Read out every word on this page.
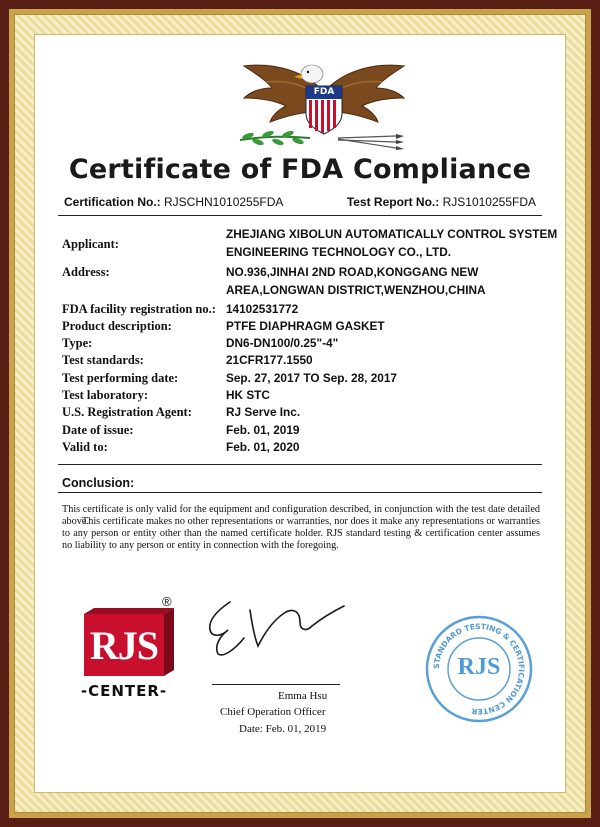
FDA
Certificate of FDA Compliance
Certification No.: RJSCHN1010255FDA	Test Report No.: RJS1010255FDA
Applicant:
ZHEJIANG XIBOLUN AUTOMATICALLY CONTROL SYSTEM
ENGINEERING TECHNOLOGY CO., LTD.
Address:	NO.936,JINHAI 2ND ROAD,KONGGANG NEW
AREA,LONGWAN DISTRICT,WENZHOU,CHINA
FDA facility registration no.: 14102531772
Product description:	PTFE DIAPHRAGM GASKET
Type:	DN6-DN100/0.25"-4"
Test standards:	21CFR177.1550
Test performing date:	Sep. 27, 2017 TO Sep. 28, 2017
Test laboratory:	HK STC
U.S. Registration Agent:	RJ Serve Inc.
Date of issue:	Feb. 01, 2019
Valid to:	Feb. 01, 2020
Conclusion:
This certificate is only valid for the equipment and configuration described, in conjunction with the test date detailed above.
This certificate makes no other representations or warranties, nor does it make any representations or warranties to any person or entity other than the named certificate holder. RJS standard testing & certification center assumes no liability to any person or entity in connection with the foregoing.
RJS
®
-CENTER-	Emma Hsu
Chief Operation Officer
Date: Feb. 01, 2019
STANDARD TESTING & CERTIFICATION CENTER
RJS
